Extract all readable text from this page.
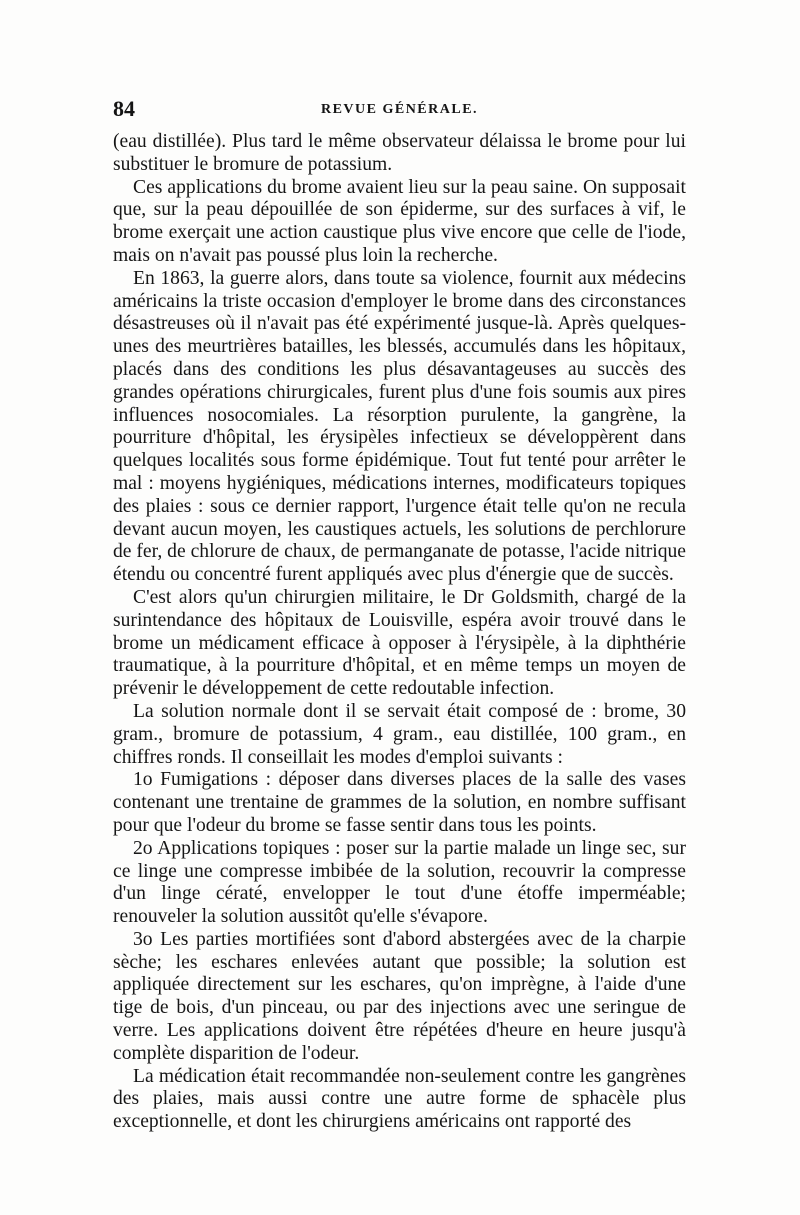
84	REVUE GÉNÉRALE.

(eau distillée). Plus tard le même observateur délaissa le brome pour lui substituer le bromure de potassium.

Ces applications du brome avaient lieu sur la peau saine. On supposait que, sur la peau dépouillée de son épiderme, sur des surfaces à vif, le brome exerçait une action caustique plus vive encore que celle de l'iode, mais on n'avait pas poussé plus loin la recherche.

En 1863, la guerre alors, dans toute sa violence, fournit aux médecins américains la triste occasion d'employer le brome dans des circonstances désastreuses où il n'avait pas été expérimenté jusque-là. Après quelques-unes des meurtrières batailles, les blessés, accumulés dans les hôpitaux, placés dans des conditions les plus désavantageuses au succès des grandes opérations chirurgicales, furent plus d'une fois soumis aux pires influences nosocomiales. La résorption purulente, la gangrène, la pourriture d'hôpital, les érysipèles infectieux se développèrent dans quelques localités sous forme épidémique. Tout fut tenté pour arrêter le mal : moyens hygiéniques, médications internes, modificateurs topiques des plaies : sous ce dernier rapport, l'urgence était telle qu'on ne recula devant aucun moyen, les caustiques actuels, les solutions de perchlorure de fer, de chlorure de chaux, de permanganate de potasse, l'acide nitrique étendu ou concentré furent appliqués avec plus d'énergie que de succès.

C'est alors qu'un chirurgien militaire, le Dr Goldsmith, chargé de la surintendance des hôpitaux de Louisville, espéra avoir trouvé dans le brome un médicament efficace à opposer à l'érysipèle, à la diphthérie traumatique, à la pourriture d'hôpital, et en même temps un moyen de prévenir le développement de cette redoutable infection.

La solution normale dont il se servait était composé de : brome, 30 gram., bromure de potassium, 4 gram., eau distillée, 100 gram., en chiffres ronds. Il conseillait les modes d'emploi suivants :

1o Fumigations : déposer dans diverses places de la salle des vases contenant une trentaine de grammes de la solution, en nombre suffisant pour que l'odeur du brome se fasse sentir dans tous les points.

2o Applications topiques : poser sur la partie malade un linge sec, sur ce linge une compresse imbibée de la solution, recouvrir la compresse d'un linge cératé, envelopper le tout d'une étoffe imperméable; renouveler la solution aussitôt qu'elle s'évapore.

3o Les parties mortifiées sont d'abord abstergées avec de la charpie sèche; les eschares enlevées autant que possible; la solution est appliquée directement sur les eschares, qu'on imprègne, à l'aide d'une tige de bois, d'un pinceau, ou par des injections avec une seringue de verre. Les applications doivent être répétées d'heure en heure jusqu'à complète disparition de l'odeur.

La médication était recommandée non-seulement contre les gangrènes des plaies, mais aussi contre une autre forme de sphacèle plus exceptionnelle, et dont les chirurgiens américains ont rapporté des
